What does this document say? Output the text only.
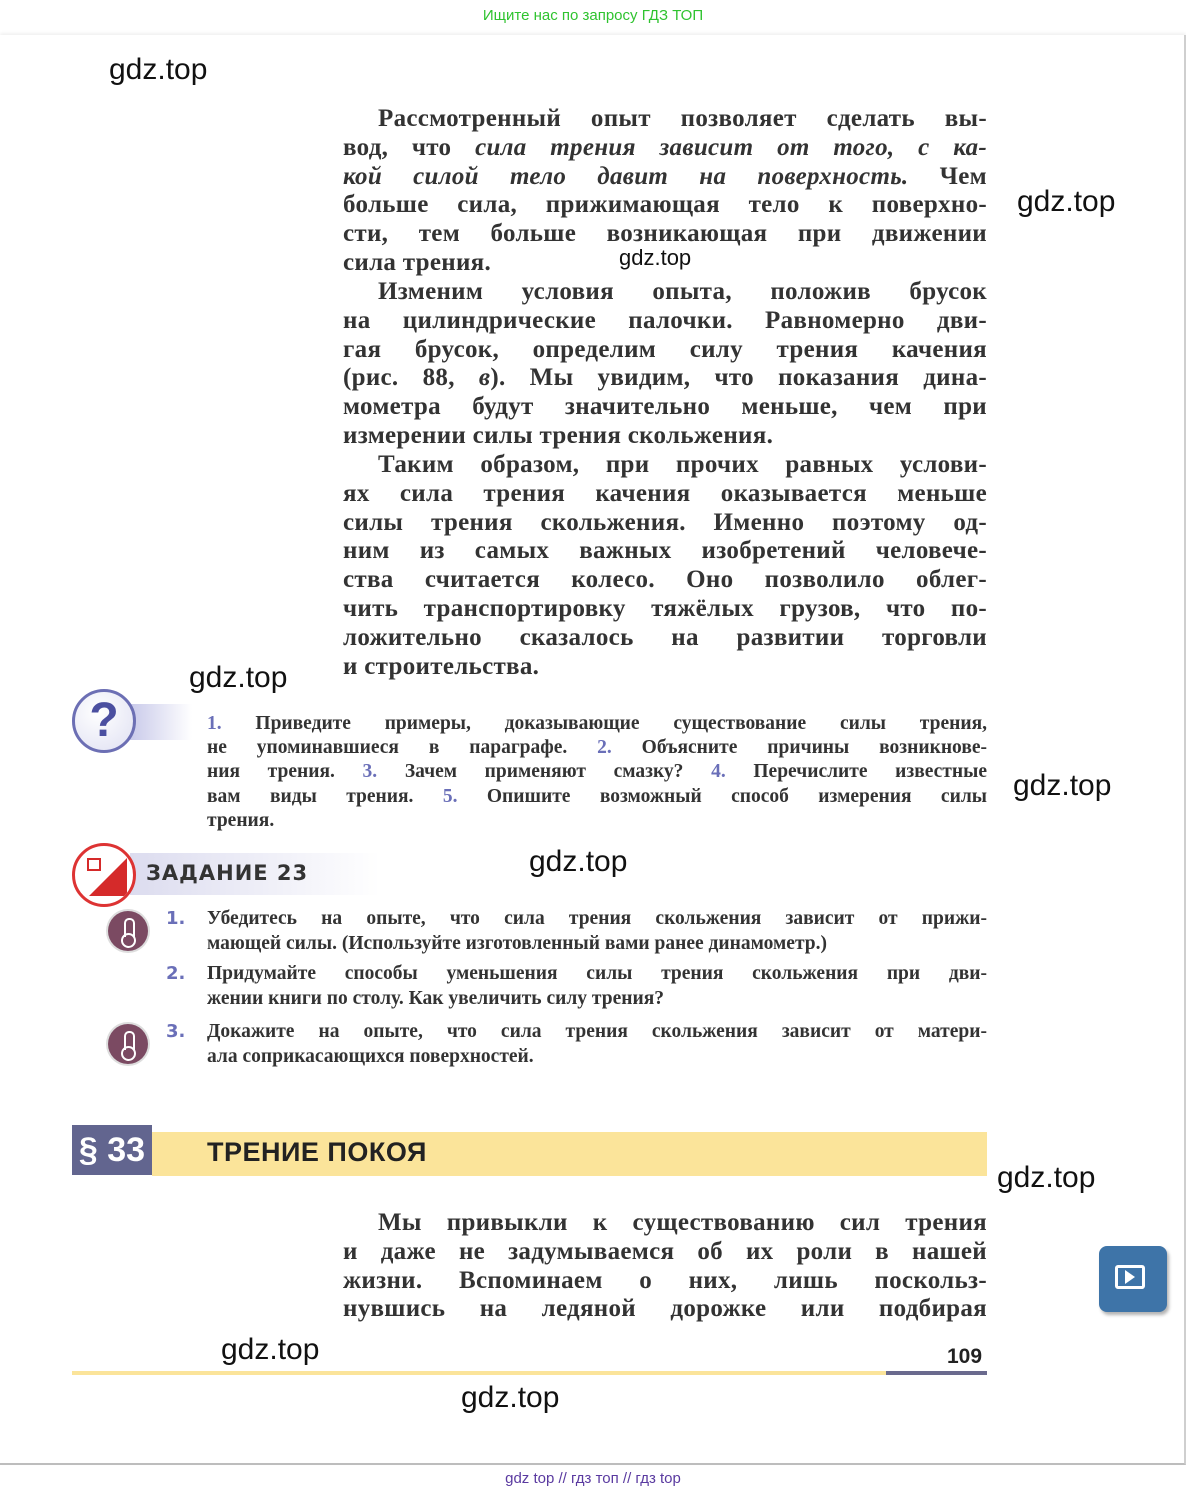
Ищите нас по запросу ГДЗ ТОП
Рассмотренный опыт позволяет сделать вы-
вод, что сила трения зависит от того, с ка-
кой силой тело давит на поверхность. Чем
больше сила, прижимающая тело к поверхно-
сти, тем больше возникающая при движении
сила трения.
Изменим условия опыта, положив брусок
на цилиндрические палочки. Равномерно дви-
гая брусок, определим силу трения качения
(рис. 88, в). Мы увидим, что показания дина-
мометра будут значительно меньше, чем при
измерении силы трения скольжения.
Таким образом, при прочих равных услови-
ях сила трения качения оказывается меньше
силы трения скольжения. Именно поэтому од-
ним из самых важных изобретений человече-
ства считается колесо. Оно позволило облег-
чить транспортировку тяжёлых грузов, что по-
ложительно сказалось на развитии торговли
и строительства.
?	1. Приведите примеры, доказывающие существование силы трения,
не упоминавшиеся в параграфе. 2. Объясните причины возникнове-
ния трения. 3. Зачем применяют смазку? 4. Перечислите известные
вам виды трения. 5. Опишите возможный способ измерения силы
трения.
ЗАДАНИЕ 23
1. Убедитесь на опыте, что сила трения скольжения зависит от прижи-
мающей силы. (Используйте изготовленный вами ранее динамометр.)
2. Придумайте способы уменьшения силы трения скольжения при дви-
жении книги по столу. Как увеличить силу трения?
3. Докажите на опыте, что сила трения скольжения зависит от матери-
ала соприкасающихся поверхностей.
§ 33 ТРЕНИЕ ПОКОЯ
Мы привыкли к существованию сил трения
и даже не задумываемся об их роли в нашей
жизни. Вспоминаем о них, лишь поскольз-
нувшись на ледяной дорожке или подбирая
109
gdz.top
gdz.top
gdz.top
gdz.top
gdz.top
gdz.top
gdz.top
gdz.top
gdz.top
gdz top // гдз топ // гдз top
